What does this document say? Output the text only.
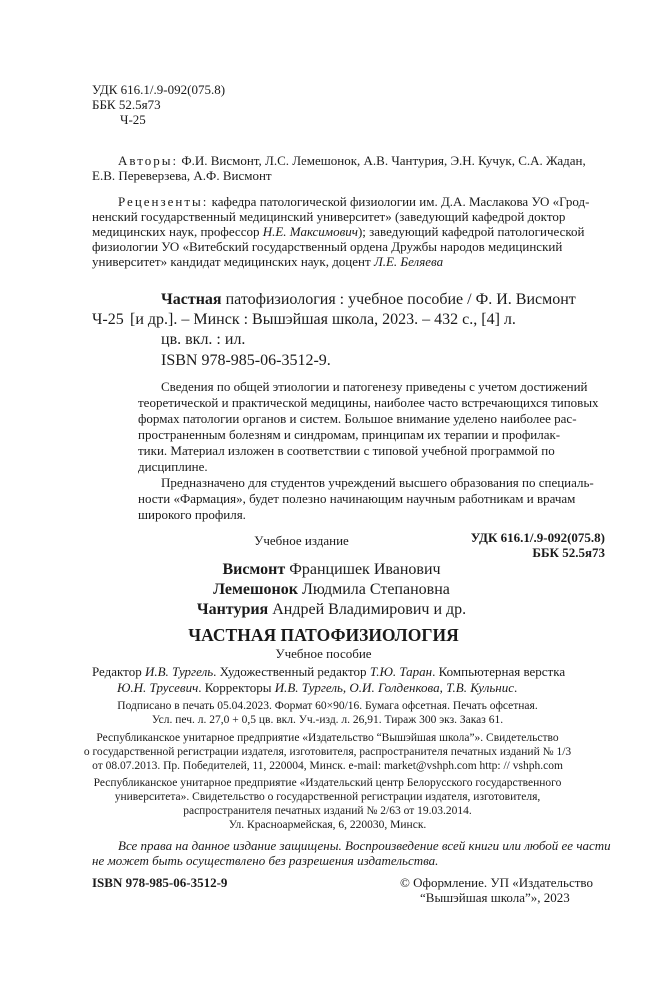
УДК 616.1/.9-092(075.8)
ББК 52.5я73
Ч-25
Авторы: Ф.И. Висмонт, Л.С. Лемешонок, А.В. Чантурия, Э.Н. Кучук, С.А. Жадан,
Е.В. Переверзева, А.Ф. Висмонт
Рецензенты: кафедра патологической физиологии им. Д.А. Маслакова УО «Грод-
ненский государственный медицинский университет» (заведующий кафедрой доктор
медицинских наук, профессор Н.Е. Максимович); заведующий кафедрой патологической
физиологии УО «Витебский государственный ордена Дружбы народов медицинский
университет» кандидат медицинских наук, доцент Л.Е. Беляева
Частная патофизиология : учебное пособие / Ф. И. Висмонт
Ч-25 [и др.]. – Минск : Вышэйшая школа, 2023. – 432 с., [4] л.
цв. вкл. : ил.
ISBN 978-985-06-3512-9.
Сведения по общей этиологии и патогенезу приведены с учетом достижений
теоретической и практической медицины, наиболее часто встречающихся типовых
формах патологии органов и систем. Большое внимание уделено наиболее рас-
пространенным болезням и синдромам, принципам их терапии и профилак-
тики. Материал изложен в соответствии с типовой учебной программой по
дисциплине.
Предназначено для студентов учреждений высшего образования по специаль-
ности «Фармация», будет полезно начинающим научным работникам и врачам
широкого профиля.
УДК 616.1/.9-092(075.8)
ББК 52.5я73
Учебное издание
Висмонт Францишек Иванович
Лемешонок Людмила Степановна
Чантурия Андрей Владимирович и др.
ЧАСТНАЯ ПАТОФИЗИОЛОГИЯ
Учебное пособие
Редактор И.В. Тургель. Художественный редактор Т.Ю. Таран. Компьютерная верстка
Ю.Н. Трусевич. Корректоры И.В. Тургель, О.И. Голденкова, Т.В. Кульнис.
Подписано в печать 05.04.2023. Формат 60×90/16. Бумага офсетная. Печать офсетная.
Усл. печ. л. 27,0 + 0,5 цв. вкл. Уч.-изд. л. 26,91. Тираж 300 экз. Заказ 61.
Республиканское унитарное предприятие «Издательство “Вышэйшая школа”». Свидетельство
о государственной регистрации издателя, изготовителя, распространителя печатных изданий № 1/3
от 08.07.2013. Пр. Победителей, 11, 220004, Минск. e-mail: market@vshph.com http: // vshph.com
Республиканское унитарное предприятие «Издательский центр Белорусского государственного
университета». Свидетельство о государственной регистрации издателя, изготовителя,
распространителя печатных изданий № 2/63 от 19.03.2014.
Ул. Красноармейская, 6, 220030, Минск.
Все права на данное издание защищены. Воспроизведение всей книги или любой ее части
не может быть осуществлено без разрешения издательства.
ISBN 978-985-06-3512-9	© Оформление. УП «Издательство
“Вышэйшая школа”», 2023
